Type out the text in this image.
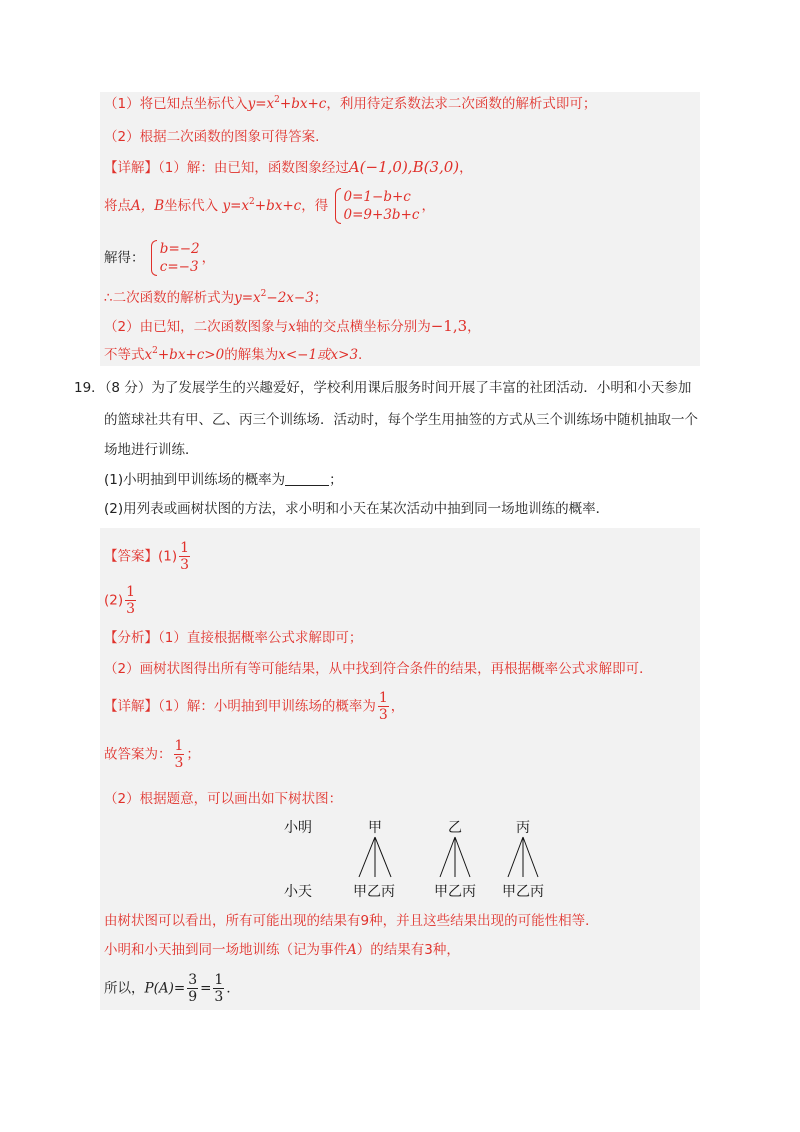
（1）将已知点坐标代入$y=x^2+bx+c$，利用待定系数法求二次函数的解析式即可；
（2）根据二次函数的图象可得答案.
【详解】（1）解：由已知，函数图象经过A(−1,0),B(3,0)，
将点A，B坐标代入 $y=x^2+bx+c$，得
0=1−b+c
0=9+3b+c
，
解得：
b=−2
c=−3
，
∴二次函数的解析式为$y=x^2-2x-3$；
（2）由已知，二次函数图象与x轴的交点横坐标分别为−1,3，
不等式$x^2+bx+c>0$的解集为x<−1或x>3.
19．（8 分）为了发展学生的兴趣爱好，学校利用课后服务时间开展了丰富的社团活动．小明和小天参加
的篮球社共有甲、乙、丙三个训练场．活动时，每个学生用抽签的方式从三个训练场中随机抽取一个
场地进行训练．
(1)小明抽到甲训练场的概率为	；
(2)用列表或画树状图的方法，求小明和小天在某次活动中抽到同一场地训练的概率．
【答案】$(1) \frac{1}{3}$
$(2) \frac{1}{3}$
【分析】（1）直接根据概率公式求解即可；
（2）画树状图得出所有等可能结果，从中找到符合条件的结果，再根据概率公式求解即可．
【详解】（1）解：小明抽到甲训练场的概率为 $\frac{1}{3}$ ，
故答案为： $\frac{1}{3}$ ；
（2）根据题意，可以画出如下树状图：
小明	甲	乙	丙
小天	甲乙丙	甲乙丙 甲乙丙
由树状图可以看出，所有可能出现的结果有9种，并且这些结果出现的可能性相等．
小明和小天抽到同一场地训练（记为事件A）的结果有3种，
所以，$P(A)= \frac{3}{9} = \frac{1}{3}$ ．
